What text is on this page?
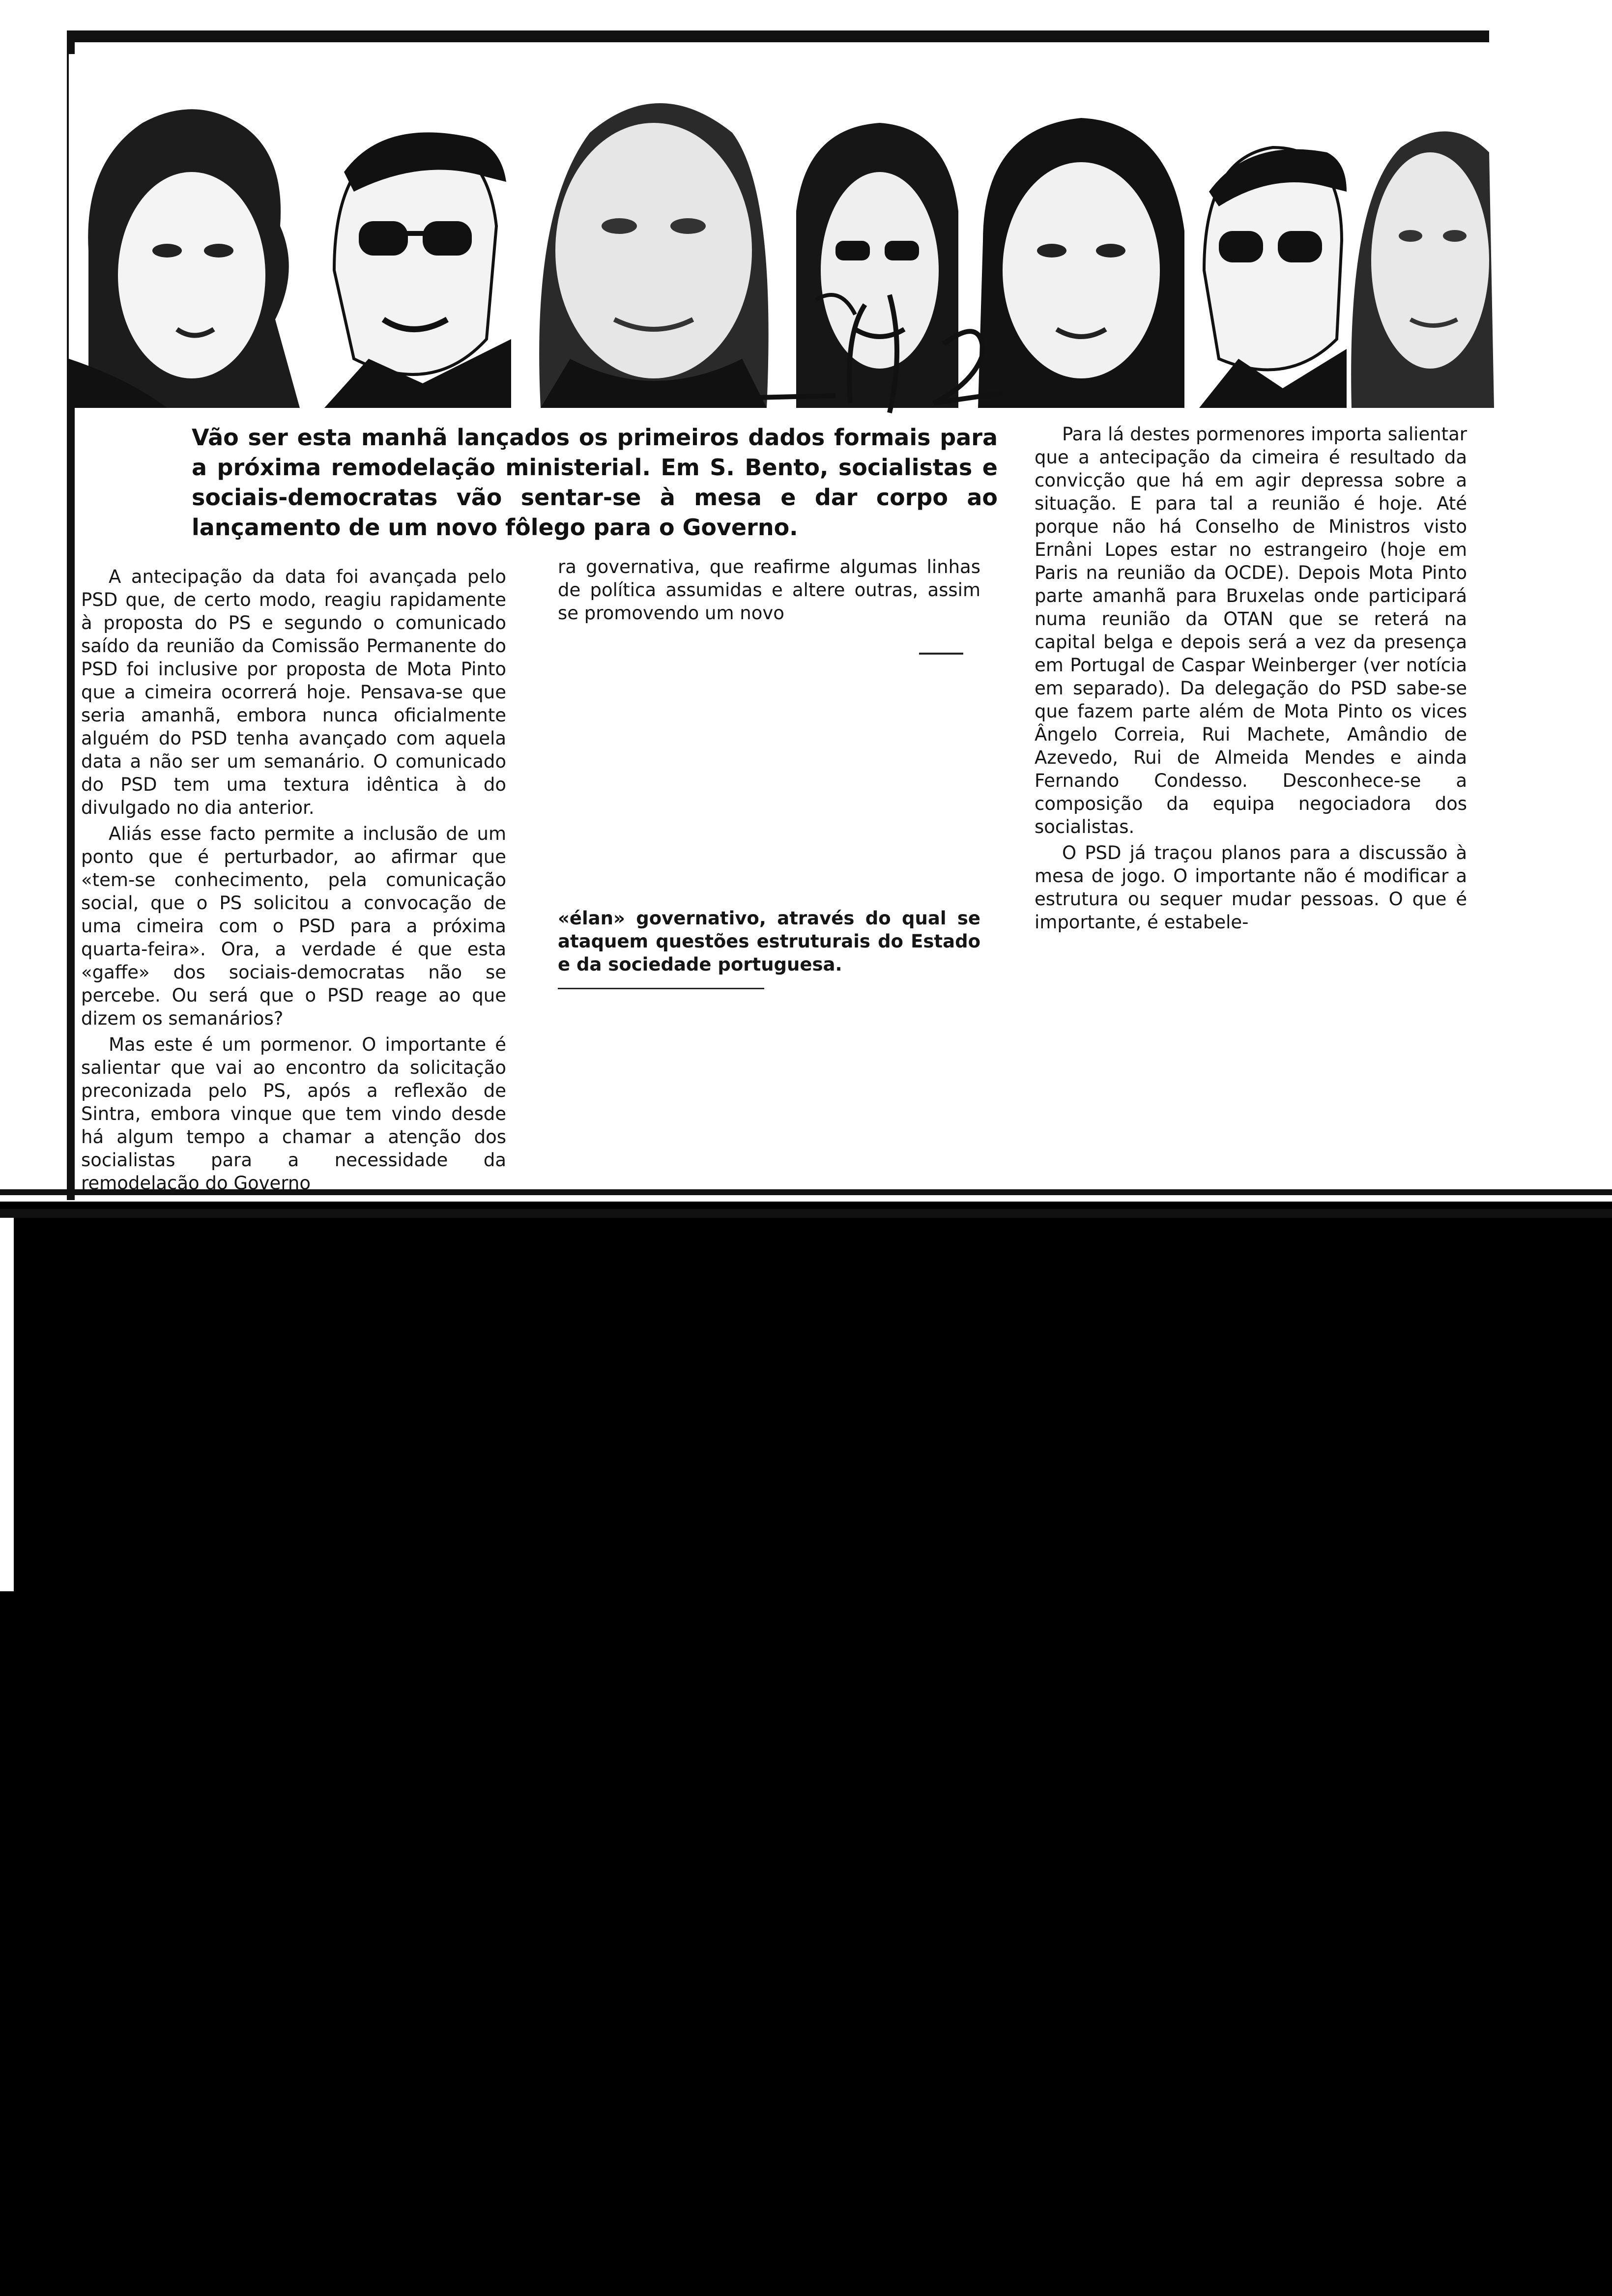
Vão ser esta manhã lançados os primeiros dados formais para a próxima remodelação ministerial. Em S. Bento, socialistas e sociais-democratas vão sentar-se à mesa e dar corpo ao lançamento de um novo fôlego para o Governo.

A antecipação da data foi avançada pelo PSD que, de certo modo, reagiu rapidamente à proposta do PS e segundo o comunicado saído da reunião da Comissão Permanente do PSD foi inclusive por proposta de Mota Pinto que a cimeira ocorrerá hoje. Pensava-se que seria amanhã, embora nunca oficialmente alguém do PSD tenha avançado com aquela data a não ser um semanário. O comunicado do PSD tem uma textura idêntica à do divulgado no dia anterior.

Aliás esse facto permite a inclusão de um ponto que é perturbador, ao afirmar que «tem-se conhecimento, pela comunicação social, que o PS solicitou a convocação de uma cimeira com o PSD para a próxima quarta-feira». Ora, a verdade é que esta «gaffe» dos sociais-democratas não se percebe. Ou será que o PSD reage ao que dizem os semanários?

Mas este é um pormenor. O importante é salientar que vai ao encontro da solicitação preconizada pelo PS, após a reflexão de Sintra, embora vinque que tem vindo desde há algum tempo a chamar a atenção dos socialistas para a necessidade da remodelação do Governo

ra governativa, que reafirme algumas linhas de política assumidas e altere outras, assim se promovendo um novo

«élan» governativo, através do qual se ataquem questões estruturais do Estado e da sociedade portuguesa.

Para lá destes pormenores importa salientar que a antecipação da cimeira é resultado da convicção que há em agir depressa sobre a situação. E para tal a reunião é hoje. Até porque não há Conselho de Ministros visto Ernâni Lopes estar no estrangeiro (hoje em Paris na reunião da OCDE). Depois Mota Pinto parte amanhã para Bruxelas onde participará numa reunião da OTAN que se reterá na capital belga e depois será a vez da presença em Portugal de Caspar Weinberger (ver notícia em separado). Da delegação do PSD sabe-se que fazem parte além de Mota Pinto os vices Ângelo Correia, Rui Machete, Amândio de Azevedo, Rui de Almeida Mendes e ainda Fernando Condesso. Desconhece-se a composição da equipa negociadora dos socialistas.

O PSD já traçou planos para a discussão à mesa de jogo. O importante não é modificar a estrutura ou sequer mudar pessoas. O que é importante, é estabele-
